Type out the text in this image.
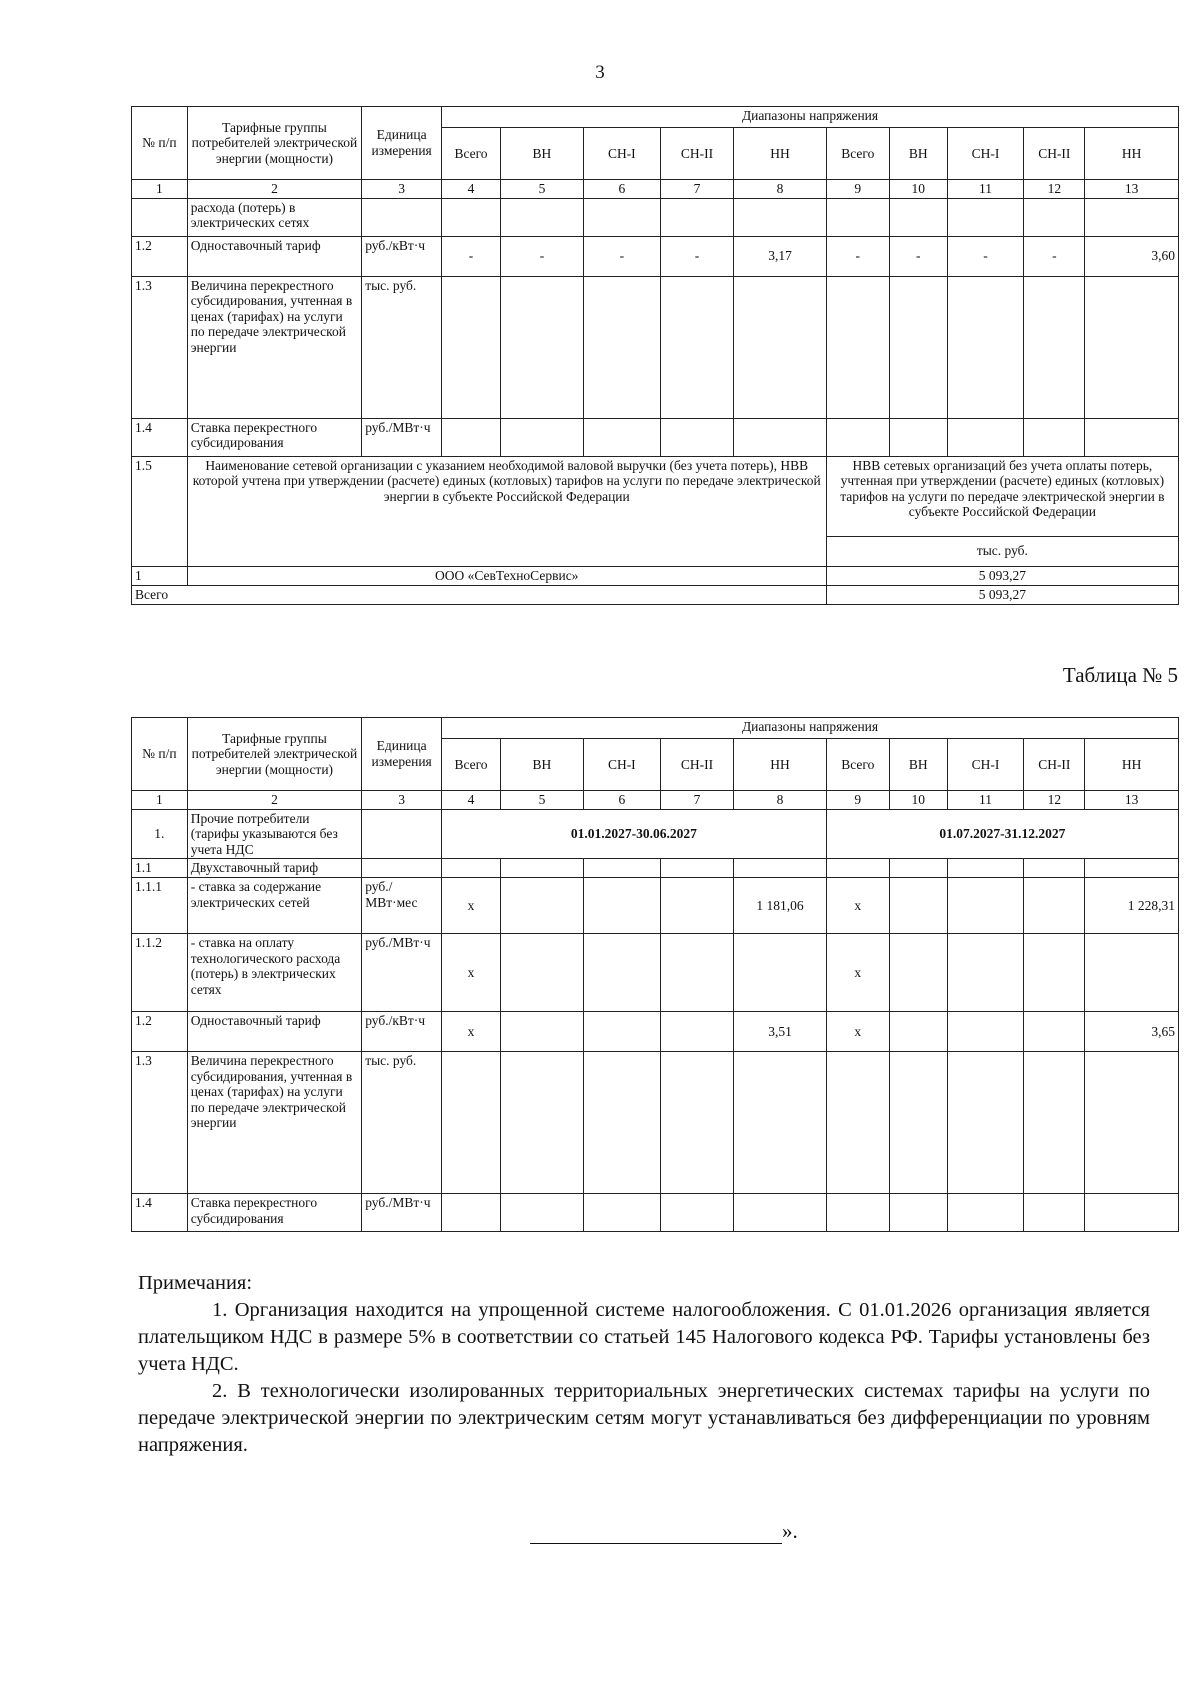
3
№ п/п	Тарифные группы потребителей электрической энергии (мощности)	Единица измерения	Диапазоны напряжения									
			Всего	ВН	СН-I	СН-II	НН	Всего	ВН	СН-I	СН-II	НН
1	2	3	4	5	6	7	8	9	10	11	12	13
	расхода (потерь) в электрических сетях											
1.2	Одноставочный тариф	руб./кВт·ч	-	-	-	-	3,17	-	-	-	-	3,60
1.3	Величина перекрестного субсидирования, учтенная в ценах (тарифах) на услуги по передаче электрической энергии	тыс. руб.										
1.4	Ставка перекрестного субсидирования	руб./МВт·ч										
1.5	Наименование сетевой организации с указанием необходимой валовой выручки (без учета потерь), НВВ которой учтена при утверждении (расчете) единых (котловых) тарифов на услуги по передаче электрической энергии в субъекте Российской Федерации							НВВ сетевых организаций без учета оплаты потерь, учтенная при утверждении (расчете) единых (котловых) тарифов на услуги по передаче электрической энергии в субъекте Российской Федерации				
								тыс. руб.				
1	ООО «СевТехноСервис»							5 093,27				
Всего								5 093,27				
Таблица № 5
№ п/п	Тарифные группы потребителей электрической энергии (мощности)	Единица измерения	Диапазоны напряжения									
			Всего	ВН	СН-I	СН-II	НН	Всего	ВН	СН-I	СН-II	НН
1	2	3	4	5	6	7	8	9	10	11	12	13
1.	Прочие потребители (тарифы указываются без учета НДС		01.01.2027-30.06.2027					01.07.2027-31.12.2027				
1.1	Двухставочный тариф											
1.1.1	- ставка за содержание электрических сетей	руб./МВт·мес	х				1 181,06	х				1 228,31
1.1.2	- ставка на оплату технологического расхода (потерь) в электрических сетях	руб./МВт·ч	х					х				
1.2	Одноставочный тариф	руб./кВт·ч	х				3,51	х				3,65
1.3	Величина перекрестного субсидирования, учтенная в ценах (тарифах) на услуги по передаче электрической энергии	тыс. руб.										
1.4	Ставка перекрестного субсидирования	руб./МВт·ч										

Примечания:

1. Организация находится на упрощенной системе налогообложения. С 01.01.2026 организация является плательщиком НДС в размере 5% в соответствии со статьей 145 Налогового кодекса РФ. Тарифы установлены без учета НДС.

2. В технологически изолированных территориальных энергетических системах тарифы на услуги по передаче электрической энергии по электрическим сетям могут устанавливаться без дифференциации по уровням напряжения.

».
